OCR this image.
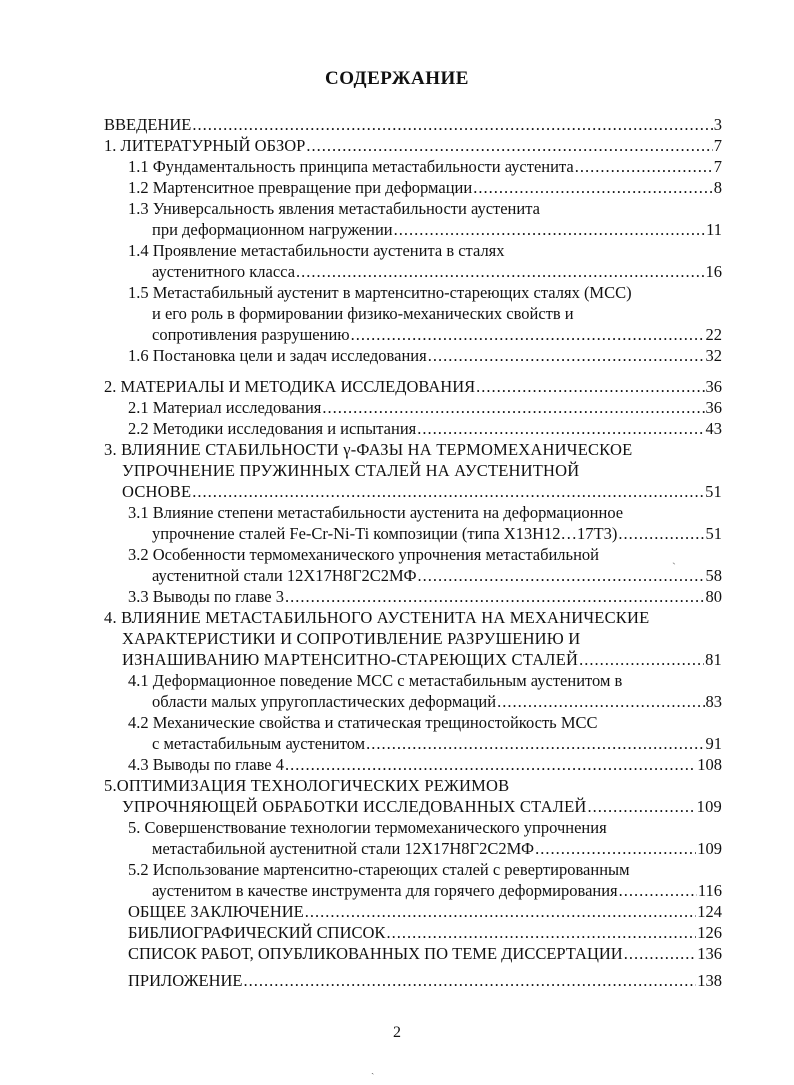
СОДЕРЖАНИЕ
ВВЕДЕНИЕ .....	3
1. ЛИТЕРАТУРНЫЙ ОБЗОР .....	7
1.1 Фундаментальность принципа метастабильности аустенита .....	7
1.2 Мартенситное превращение при деформации .....	8
1.3 Универсальность явления метастабильности аустенита
при деформационном нагружении .....	11
1.4 Проявление метастабильности аустенита в сталях
аустенитного класса .....	16
1.5 Метастабильный аустенит в мартенситно-стареющих сталях (МСС)
и его роль в формировании физико-механических свойств и
сопротивления разрушению .....	22
1.6 Постановка цели и задач исследования .....	32
2. МАТЕРИАЛЫ И МЕТОДИКА ИССЛЕДОВАНИЯ .....	36
2.1 Материал исследования .....	36
2.2 Методики исследования и испытания .....	43
3. ВЛИЯНИЕ СТАБИЛЬНОСТИ γ-ФАЗЫ НА ТЕРМОМЕХАНИЧЕСКОЕ
УПРОЧНЕНИЕ ПРУЖИННЫХ СТАЛЕЙ НА АУСТЕНИТНОЙ
ОСНОВЕ .....	51
3.1 Влияние степени метастабильности аустенита на деформационное
упрочнение сталей Fe-Cr-Ni-Ti композиции (типа Х13Н12…17Т3) .....	51
3.2 Особенности термомеханического упрочнения метастабильной
аустенитной стали 12Х17Н8Г2С2МФ .....	58
3.3 Выводы по главе 3 .....	80
4. ВЛИЯНИЕ МЕТАСТАБИЛЬНОГО АУСТЕНИТА НА МЕХАНИЧЕСКИЕ
ХАРАКТЕРИСТИКИ И СОПРОТИВЛЕНИЕ РАЗРУШЕНИЮ И
ИЗНАШИВАНИЮ МАРТЕНСИТНО-СТАРЕЮЩИХ СТАЛЕЙ .....	81
4.1 Деформационное поведение МСС с метастабильным аустенитом в
области малых упругопластических деформаций .....	83
4.2 Механические свойства и статическая трещиностойкость МСС
с метастабильным аустенитом .....	91
4.3 Выводы по главе 4 .....	108
5.ОПТИМИЗАЦИЯ ТЕХНОЛОГИЧЕСКИХ РЕЖИМОВ
УПРОЧНЯЮЩЕЙ ОБРАБОТКИ ИССЛЕДОВАННЫХ СТАЛЕЙ .....	109
5. Совершенствование технологии термомеханического упрочнения
метастабильной аустенитной стали 12Х17Н8Г2С2МФ .....	109
5.2 Использование мартенситно-стареющих сталей с ревертированным
аустенитом в качестве инструмента для горячего деформирования .....	116
ОБЩЕЕ ЗАКЛЮЧЕНИЕ .....	124
БИБЛИОГРАФИЧЕСКИЙ СПИСОК .....	126
СПИСОК РАБОТ, ОПУБЛИКОВАННЫХ ПО ТЕМЕ ДИССЕРТАЦИИ .....	136
ПРИЛОЖЕНИЕ .....	138
2
ˎ
ˏ
